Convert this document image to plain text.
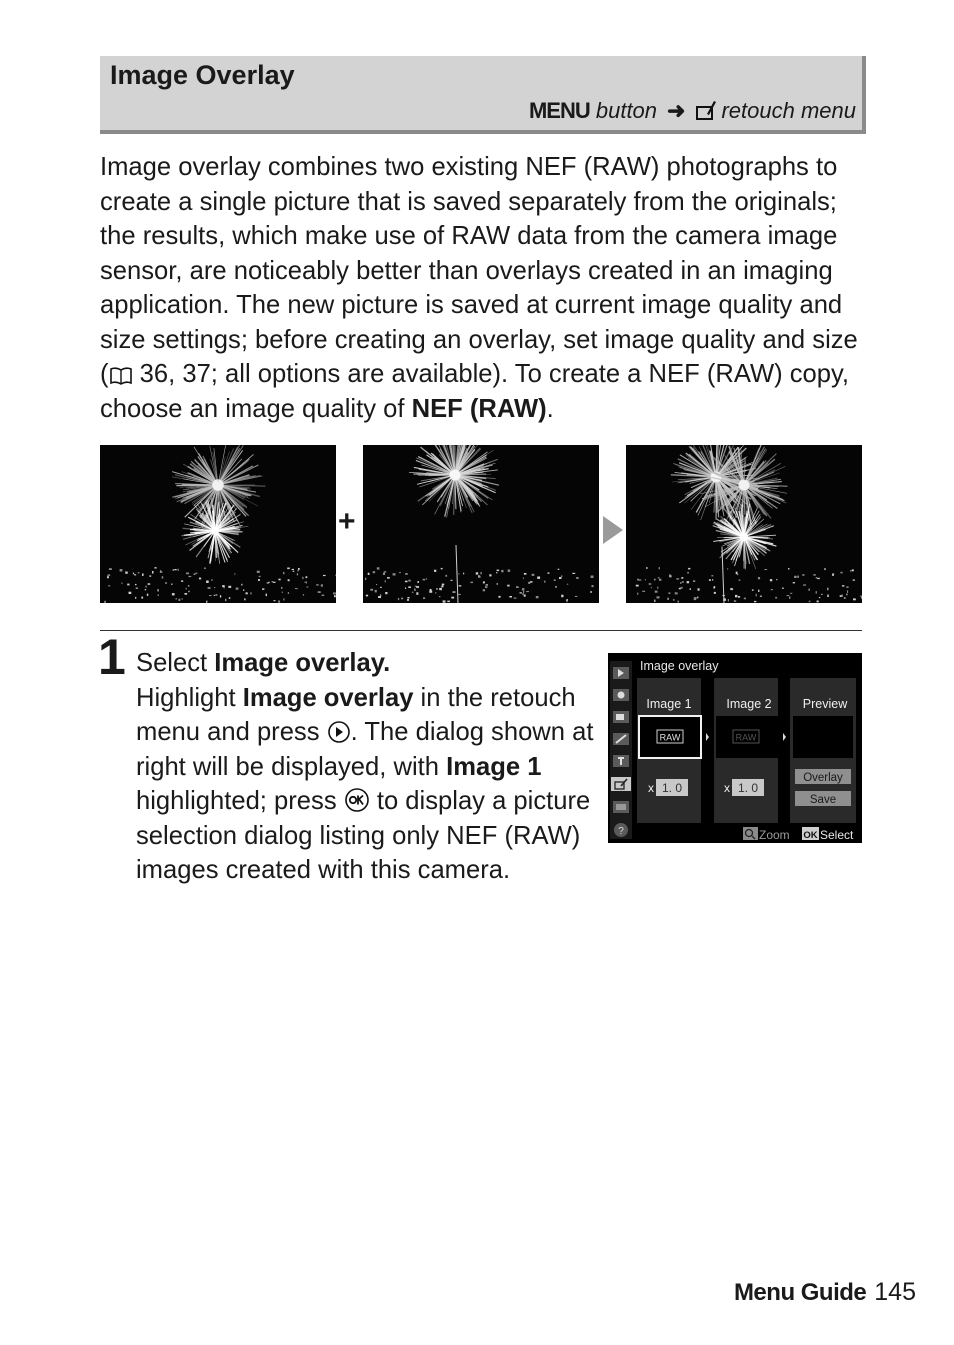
Image Overlay
MENU button ➜ retouch menu
Image overlay combines two existing NEF (RAW) photographs to create a single picture that is saved separately from the originals; the results, which make use of RAW data from the camera image sensor, are noticeably better than overlays created in an imaging application. The new picture is saved at current image quality and size settings; before creating an overlay, set image quality and size ( 36, 37; all options are available). To create a NEF (RAW) copy, choose an image quality of NEF (RAW).
+
1 Select Image overlay.
Highlight Image overlay in the retouch menu and press . The dialog shown at right will be displayed, with Image 1 highlighted; press  to display a picture selection dialog listing only NEF (RAW) images created with this camera.
?
Image overlay
Image 1	Image 2 Preview
RAW	RAW
x 1. 0	x 1. 0
Overlay
Save
Zoom OK Select
Menu Guide 145
